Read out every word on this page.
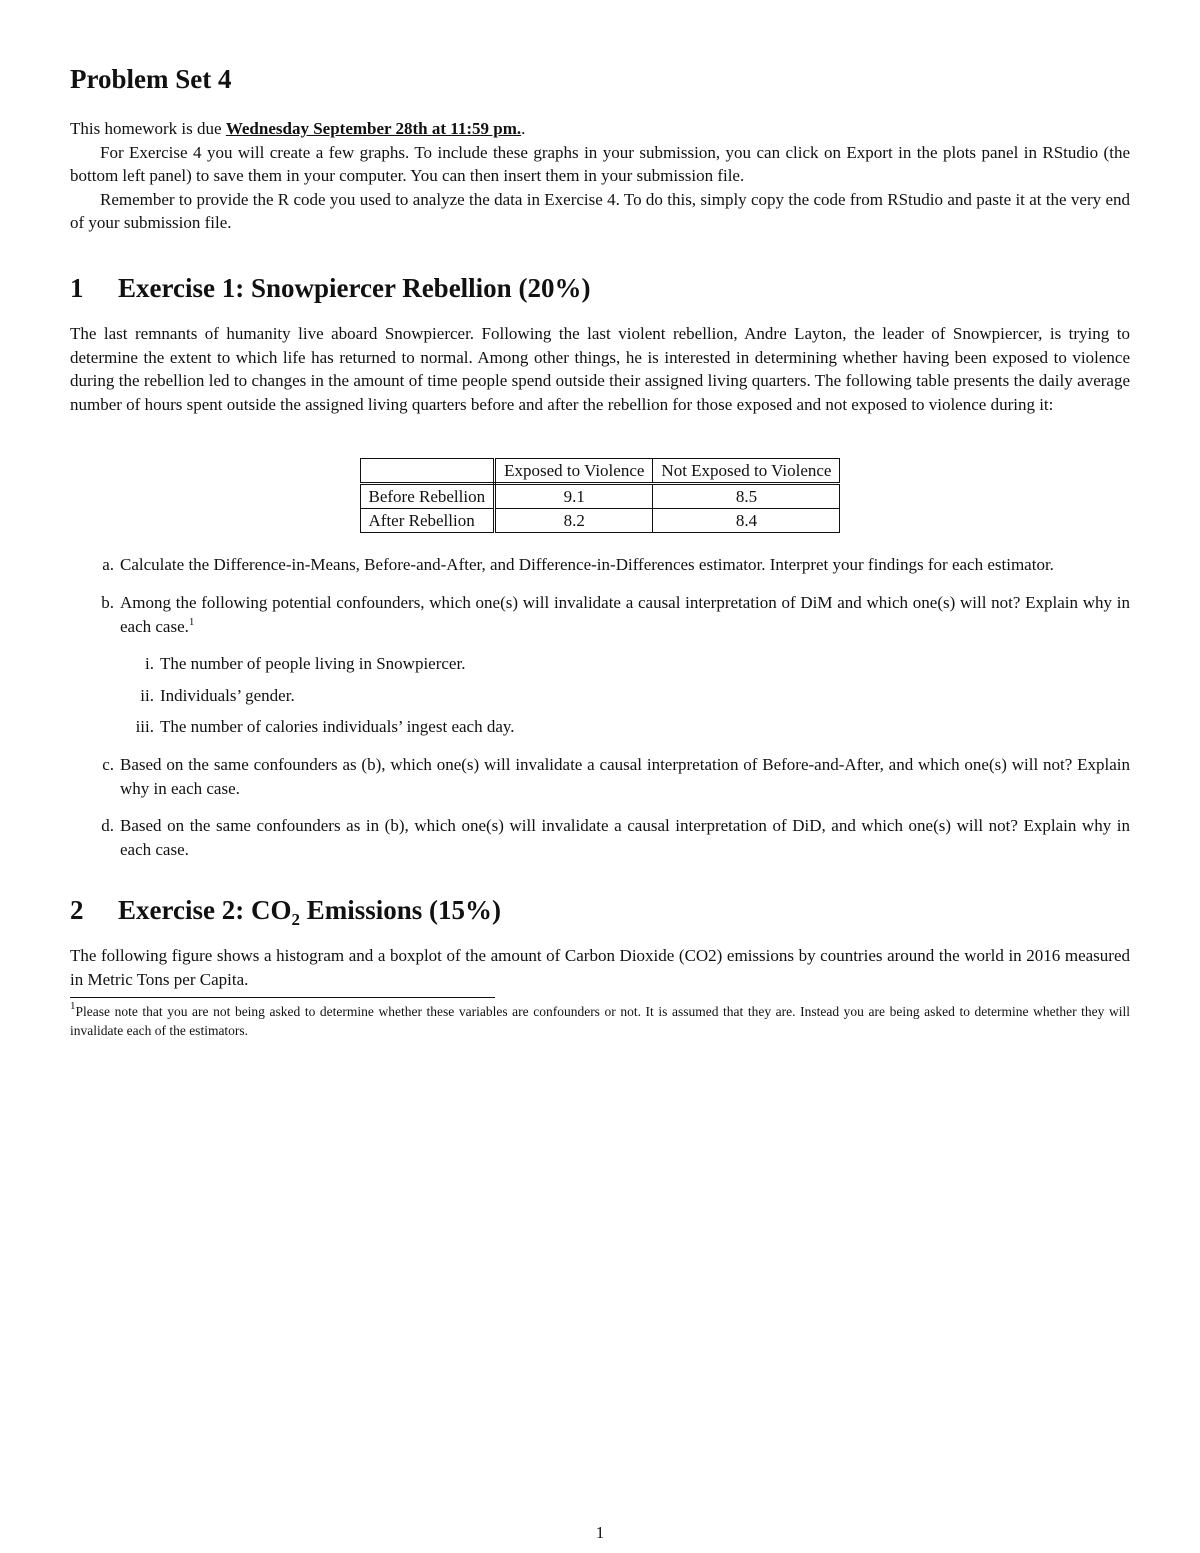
Problem Set 4

This homework is due Wednesday September 28th at 11:59 pm..

For Exercise 4 you will create a few graphs. To include these graphs in your submission, you can click on Export in the plots panel in RStudio (the bottom left panel) to save them in your computer. You can then insert them in your submission file.

Remember to provide the R code you used to analyze the data in Exercise 4. To do this, simply copy the code from RStudio and paste it at the very end of your submission file.

1 Exercise 1: Snowpiercer Rebellion (20%)

The last remnants of humanity live aboard Snowpiercer. Following the last violent rebellion, Andre Layton, the leader of Snowpiercer, is trying to determine the extent to which life has returned to normal. Among other things, he is interested in determining whether having been exposed to violence during the rebellion led to changes in the amount of time people spend outside their assigned living quarters. The following table presents the daily average number of hours spent outside the assigned living quarters before and after the rebellion for those exposed and not exposed to violence during it:

	Exposed to Violence	Not Exposed to Violence
Before Rebellion	9.1	8.5
After Rebellion	8.2	8.4
a. Calculate the Difference-in-Means, Before-and-After, and Difference-in-Differences estimator. Interpret your findings for each estimator.
b. Among the following potential confounders, which one(s) will invalidate a causal interpretation of DiM and which one(s) will not? Explain why in each case.$^1$
i. The number of people living in Snowpiercer.
ii. Individuals’ gender.
iii. The number of calories individuals’ ingest each day.
c. Based on the same confounders as (b), which one(s) will invalidate a causal interpretation of Before-and-After, and which one(s) will not? Explain why in each case.
d. Based on the same confounders as in (b), which one(s) will invalidate a causal interpretation of DiD, and which one(s) will not? Explain why in each case.
2 Exercise 2: $CO_2$ Emissions (15%)

The following figure shows a histogram and a boxplot of the amount of Carbon Dioxide (CO2) emissions by countries around the world in 2016 measured in Metric Tons per Capita.

$^1$Please note that you are not being asked to determine whether these variables are confounders or not. It is assumed that they are. Instead you are being asked to determine whether they will invalidate each of the estimators.

1
